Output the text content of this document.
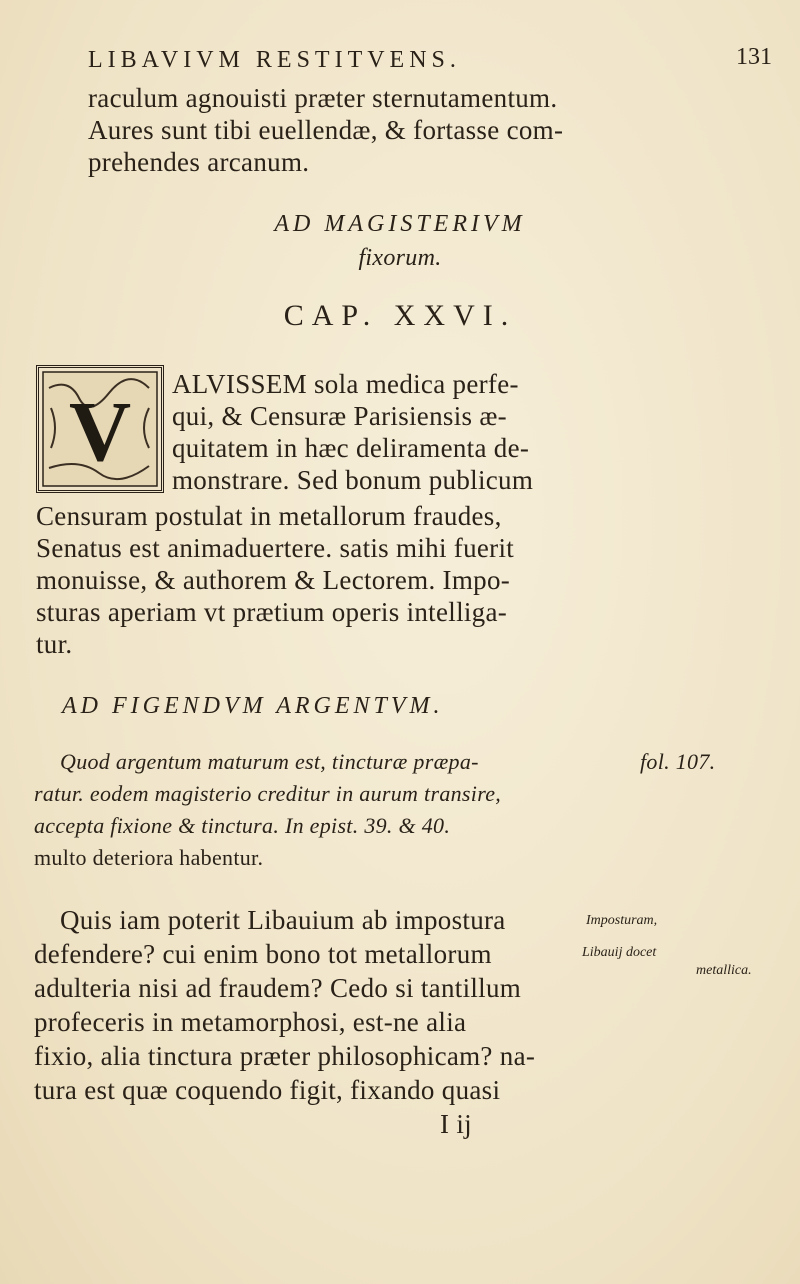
LIBAVIVM RESTITVENS.	131
raculum agnouisti præter sternutamentum.
Aures sunt tibi euellendæ, & fortasse com-
prehendes arcanum.
AD MAGISTERIVM
fixorum.
CAP. XXVI.
V ALVISSEM sola medica perfe-
qui, & Censuræ Parisiensis æ-
quitatem in hæc deliramenta de-
monstrare. Sed bonum publicum
Censuram postulat in metallorum fraudes,
Senatus est animaduertere. satis mihi fuerit
monuisse, & authorem & Lectorem. Impo-
sturas aperiam vt prætium operis intelliga-
tur.
AD FIGENDVM ARGENTVM.
Quod argentum maturum est, tincturæ præpa-	fol. 107.
ratur. eodem magisterio creditur in aurum transire,
accepta fixione & tinctura. In epist. 39. & 40.
multo deteriora habentur.
Quis iam poterit Libauium ab impostura
defendere? cui enim bono tot metallorum
adulteria nisi ad fraudem? Cedo si tantillum
profeceris in metamorphosi, est-ne alia
fixio, alia tinctura præter philosophicam? na-
tura est quæ coquendo figit, fixando quasi
Imposturam,
Libauij docet
metallica.
I ij
